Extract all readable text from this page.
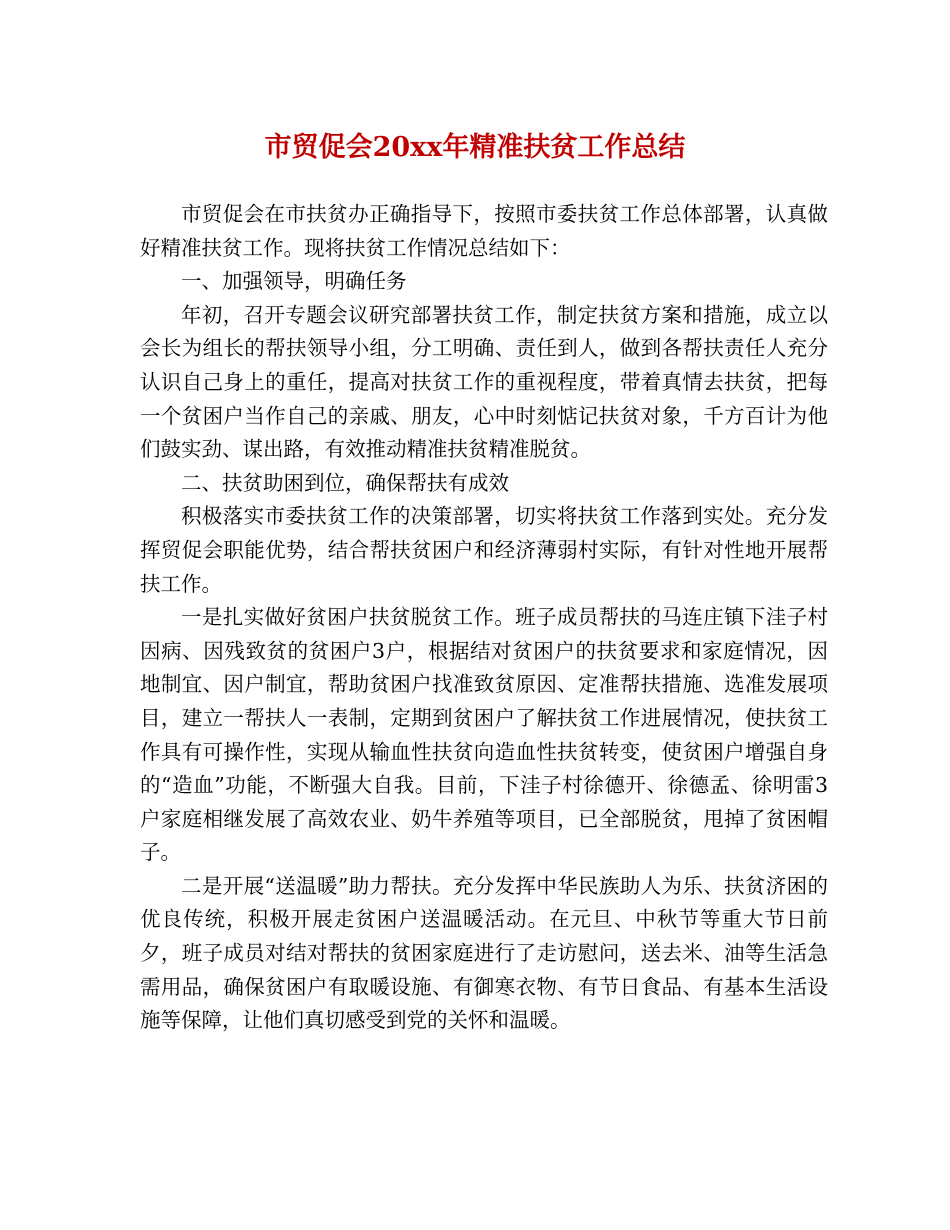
市贸促会20xx年精准扶贫工作总结

市贸促会在市扶贫办正确指导下，按照市委扶贫工作总体部署，认真做好精准扶贫工作。现将扶贫工作情况总结如下：

一、加强领导，明确任务

年初，召开专题会议研究部署扶贫工作，制定扶贫方案和措施，成立以会长为组长的帮扶领导小组，分工明确、责任到人，做到各帮扶责任人充分认识自己身上的重任，提高对扶贫工作的重视程度，带着真情去扶贫，把每一个贫困户当作自己的亲戚、朋友，心中时刻惦记扶贫对象，千方百计为他们鼓实劲、谋出路，有效推动精准扶贫精准脱贫。

二、扶贫助困到位，确保帮扶有成效

积极落实市委扶贫工作的决策部署，切实将扶贫工作落到实处。充分发挥贸促会职能优势，结合帮扶贫困户和经济薄弱村实际，有针对性地开展帮扶工作。

一是扎实做好贫困户扶贫脱贫工作。班子成员帮扶的马连庄镇下洼子村因病、因残致贫的贫困户3户，根据结对贫困户的扶贫要求和家庭情况，因地制宜、因户制宜，帮助贫困户找准致贫原因、定准帮扶措施、选准发展项目，建立一帮扶人一表制，定期到贫困户了解扶贫工作进展情况，使扶贫工作具有可操作性，实现从输血性扶贫向造血性扶贫转变，使贫困户增强自身的“造血”功能，不断强大自我。目前，下洼子村徐德开、徐德孟、徐明雷3户家庭相继发展了高效农业、奶牛养殖等项目，已全部脱贫，甩掉了贫困帽子。

二是开展“送温暖”助力帮扶。充分发挥中华民族助人为乐、扶贫济困的优良传统，积极开展走贫困户送温暖活动。在元旦、中秋节等重大节日前夕，班子成员对结对帮扶的贫困家庭进行了走访慰问，送去米、油等生活急需用品，确保贫困户有取暖设施、有御寒衣物、有节日食品、有基本生活设施等保障，让他们真切感受到党的关怀和温暖。
